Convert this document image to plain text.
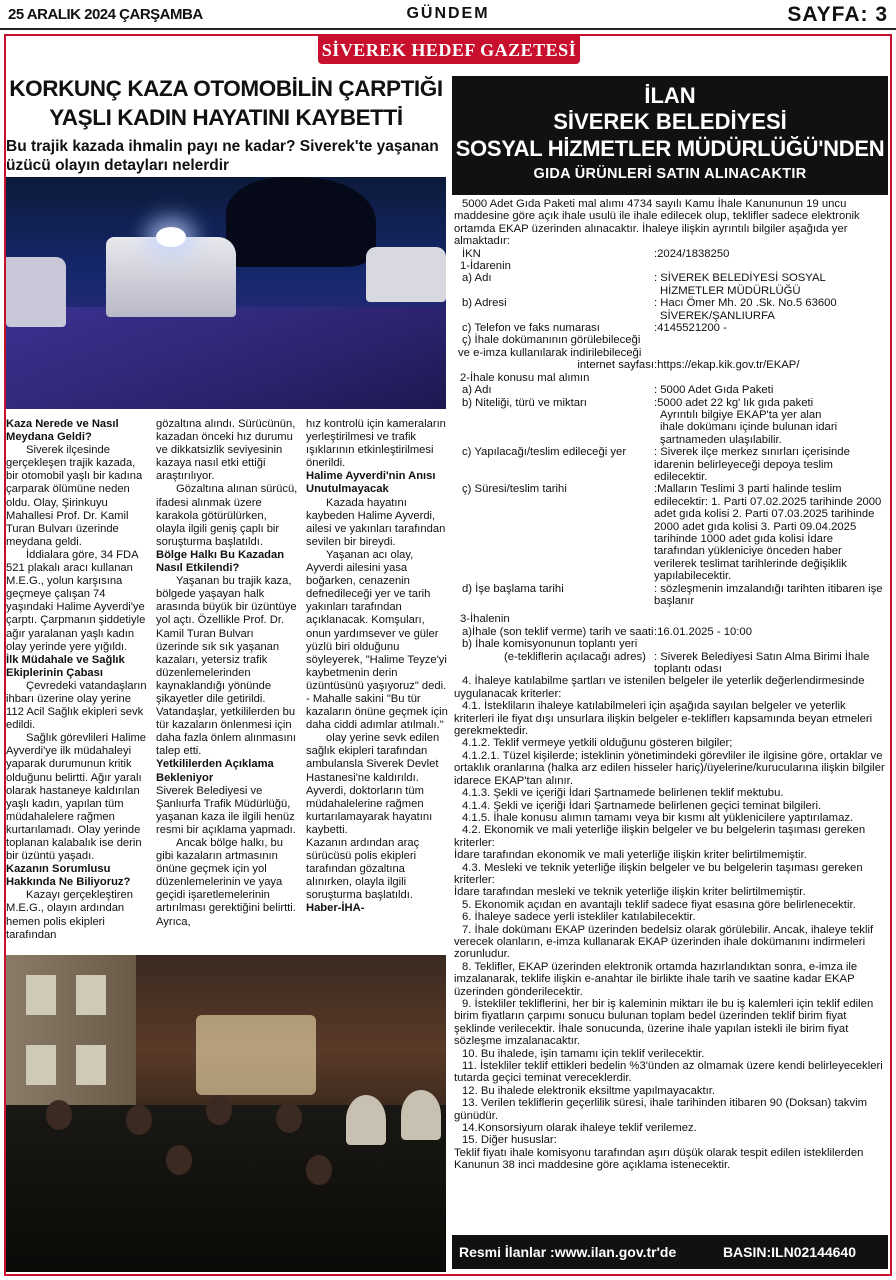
25 ARALIK 2024 ÇARŞAMBA	GÜNDEM	SAYFA: 3
SİVEREK HEDEF GAZETESİ
KORKUNÇ KAZA OTOMOBİLİN ÇARPTIĞI
YAŞLI KADIN HAYATINI KAYBETTİ
Bu trajik kazada ihmalin payı ne kadar? Siverek'te yaşanan üzücü olayın detayları nelerdir

Kaza Nerede ve Nasıl Meydana Geldi?

Siverek ilçesinde gerçekleşen trajik kazada, bir otomobil yaşlı bir kadına çarparak ölümüne neden oldu. Olay, Şirinkuyu Mahallesi Prof. Dr. Kamil Turan Bulvarı üzerinde meydana geldi.

İddialara göre, 34 FDA 521 plakalı aracı kullanan M.E.G., yolun karşısına geçmeye çalışan 74 yaşındaki Halime Ayverdi'ye çarptı. Çarpmanın şiddetiyle ağır yaralanan yaşlı kadın olay yerinde yere yığıldı.

İlk Müdahale ve Sağlık Ekiplerinin Çabası

Çevredeki vatandaşların ihbarı üzerine olay yerine 112 Acil Sağlık ekipleri sevk edildi.

Sağlık görevlileri Halime Ayverdi'ye ilk müdahaleyi yaparak durumunun kritik olduğunu belirtti. Ağır yaralı olarak hastaneye kaldırılan yaşlı kadın, yapılan tüm müdahalelere rağmen kurtarılamadı. Olay yerinde toplanan kalabalık ise derin bir üzüntü yaşadı.

Kazanın Sorumlusu Hakkında Ne Biliyoruz?

Kazayı gerçekleştiren M.E.G., olayın ardından hemen polis ekipleri tarafından

gözaltına alındı. Sürücünün, kazadan önceki hız durumu ve dikkatsizlik seviyesinin kazaya nasıl etki ettiği araştırılıyor.

Gözaltına alınan sürücü, ifadesi alınmak üzere karakola götürülürken, olayla ilgili geniş çaplı bir soruşturma başlatıldı.

Bölge Halkı Bu Kazadan Nasıl Etkilendi?

Yaşanan bu trajik kaza, bölgede yaşayan halk arasında büyük bir üzüntüye yol açtı. Özellikle Prof. Dr. Kamil Turan Bulvarı üzerinde sık sık yaşanan kazaları, yetersiz trafik düzenlemelerinden kaynaklandığı yönünde şikayetler dile getirildi. Vatandaşlar, yetkililerden bu tür kazaların önlenmesi için daha fazla önlem alınmasını talep etti.

Yetkililerden Açıklama Bekleniyor

Siverek Belediyesi ve Şanlıurfa Trafik Müdürlüğü, yaşanan kaza ile ilgili henüz resmi bir açıklama yapmadı.

Ancak bölge halkı, bu gibi kazaların artmasının önüne geçmek için yol düzenlemelerinin ve yaya geçidi işaretlemelerinin artırılması gerektiğini belirtti. Ayrıca,

hız kontrolü için kameraların yerleştirilmesi ve trafik ışıklarının etkinleştirilmesi önerildi.

Halime Ayverdi'nin Anısı Unutulmayacak

Kazada hayatını kaybeden Halime Ayverdi, ailesi ve yakınları tarafından sevilen bir bireydi.

Yaşanan acı olay, Ayverdi ailesini yasa boğarken, cenazenin defnedileceği yer ve tarih yakınları tarafından açıklanacak. Komşuları, onun yardımsever ve güler yüzlü biri olduğunu söyleyerek, "Halime Teyze'yi kaybetmenin derin üzüntüsünü yaşıyoruz" dedi.

- Mahalle sakini "Bu tür kazaların önüne geçmek için daha ciddi adımlar atılmalı."

olay yerine sevk edilen sağlık ekipleri tarafından ambulansla Siverek Devlet Hastanesi'ne kaldırıldı. Ayverdi, doktorların tüm müdahalelerine rağmen kurtarılamayarak hayatını kaybetti.

Kazanın ardından araç sürücüsü polis ekipleri tarafından gözaltına alınırken, olayla ilgili soruşturma başlatıldı.

Haber-İHA-

İLAN
SİVEREK BELEDİYESİ
SOSYAL HİZMETLER MÜDÜRLÜĞÜ'NDEN
GIDA ÜRÜNLERİ SATIN ALINACAKTIR

5000 Adet Gıda Paketi mal alımı 4734 sayılı Kamu İhale Kanununun 19 uncu maddesine göre açık ihale usulü ile ihale edilecek olup, teklifler sadece elektronik ortamda EKAP üzerinden alınacaktır. İhaleye ilişkin ayrıntılı bilgiler aşağıda yer almaktadır:

İKN	:2024/1838250

1-İdarenin

a) Adı	: SİVEREK BELEDİYESİ SOSYAL
HİZMETLER MÜDÜRLÜĞÜ
b) Adresi	: Hacı Ömer Mh. 20 .Sk. No.5 63600
SİVEREK/ŞANLIURFA
c) Telefon ve faks numarası	:4145521200 -

ç) İhale dokümanının görülebileceği

ve e-imza kullanılarak indirilebileceği

internet sayfası :https://ekap.kik.gov.tr/EKAP/

2-İhale konusu mal alımın

a) Adı	: 5000 Adet Gıda Paketi
b) Niteliği, türü ve miktarı	:5000 adet 22 kg' lık gıda paketi

Ayrıntılı bilgiye EKAP'ta yer alan ihale dokümanı içinde bulunan idari şartnameden ulaşılabilir.
c) Yapılacağı/teslim edileceği yer	: Siverek ilçe merkez sınırları içerisinde idarenin belirleyeceği depoya teslim edilecektir.
ç) Süresi/teslim tarihi	:Malların Teslimi 3 parti halinde teslim edilecektir: 1. Parti 07.02.2025 tarihinde 2000 adet gıda kolisi 2. Parti 07.03.2025 tarihinde 2000 adet gıda kolisi 3. Parti 09.04.2025 tarihinde 1000 adet gıda kolisi İdare tarafından yükleniciye önceden haber verilerek teslimat tarihlerinde değişiklik yapılabilecektir.
d) İşe başlama tarihi	: sözleşmenin imzalandığı tarihten itibaren işe başlanır

3-İhalenin

a)İhale (son teklif verme) tarih ve saati :16.01.2025 - 10:00

b) İhale komisyonunun toplantı yeri

(e-tekliflerin açılacağı adres) : Siverek Belediyesi Satın Alma Birimi İhale toplantı odası

4. İhaleye katılabilme şartları ve istenilen belgeler ile yeterlik değerlendirmesinde uygulanacak kriterler:

4.1. İstekliların ihaleye katılabilmeleri için aşağıda sayılan belgeler ve yeterlik kriterleri ile fiyat dışı unsurlara ilişkin belgeler e-tekliflerı kapsamında beyan etmeleri gerekmektedir.

4.1.2. Teklif vermeye yetkili olduğunu gösteren bilgiler;

4.1.2.1. Tüzel kişilerde; isteklinin yönetimindeki görevliler ile ilgisine göre, ortaklar ve ortaklık oranlarına (halka arz edilen hisseler hariç)/üyelerine/kurucularına ilişkin bilgiler idarece EKAP'tan alınır.

4.1.3. Şekli ve içeriği İdari Şartnamede belirlenen teklif mektubu.

4.1.4. Şekli ve içeriği İdari Şartnamede belirlenen geçici teminat bilgileri.

4.1.5. İhale konusu alımın tamamı veya bir kısmı alt yüklenicilere yaptırılamaz.

4.2. Ekonomik ve mali yeterliğe ilişkin belgeler ve bu belgelerin taşıması gereken kriterler:

İdare tarafından ekonomik ve mali yeterliğe ilişkin kriter belirtilmemiştir.

4.3. Mesleki ve teknik yeterliğe ilişkin belgeler ve bu belgelerin taşıması gereken kriterler:

İdare tarafından mesleki ve teknik yeterliğe ilişkin kriter belirtilmemiştir.

5. Ekonomik açıdan en avantajlı teklif sadece fiyat esasına göre belirlenecektir.

6. İhaleye sadece yerli istekliler katılabilecektir.

7. İhale dokümanı EKAP üzerinden bedelsiz olarak görülebilir. Ancak, ihaleye teklif verecek olanların, e-imza kullanarak EKAP üzerinden ihale dokümanını indirmeleri zorunludur.

8. Teklifler, EKAP üzerinden elektronik ortamda hazırlandıktan sonra, e-imza ile imzalanarak, teklife ilişkin e-anahtar ile birlikte ihale tarih ve saatine kadar EKAP üzerinden gönderilecektir.

9. İstekliler tekliflerini, her bir iş kaleminin miktarı ile bu iş kalemleri için teklif edilen birim fiyatların çarpımı sonucu bulunan toplam bedel üzerinden teklif birim fiyat şeklinde verilecektir. İhale sonucunda, üzerine ihale yapılan istekli ile birim fiyat sözleşme imzalanacaktır.

10. Bu ihalede, işin tamamı için teklif verilecektir.

11. İstekliler teklif ettikleri bedelin %3'ünden az olmamak üzere kendi belirleyecekleri tutarda geçici teminat vereceklerdir.

12. Bu ihalede elektronik eksiltme yapılmayacaktır.

13. Verilen tekliflerin geçerlilik süresi, ihale tarihinden itibaren 90 (Doksan) takvim günüdür.

14.Konsorsiyum olarak ihaleye teklif verilemez.

15. Diğer hususlar:

Teklif fiyatı ihale komisyonu tarafından aşırı düşük olarak tespit edilen isteklilerden Kanunun 38 inci maddesine göre açıklama istenecektir.

Resmi İlanlar :www.ilan.gov.tr'de	BASIN:ILN02144640
